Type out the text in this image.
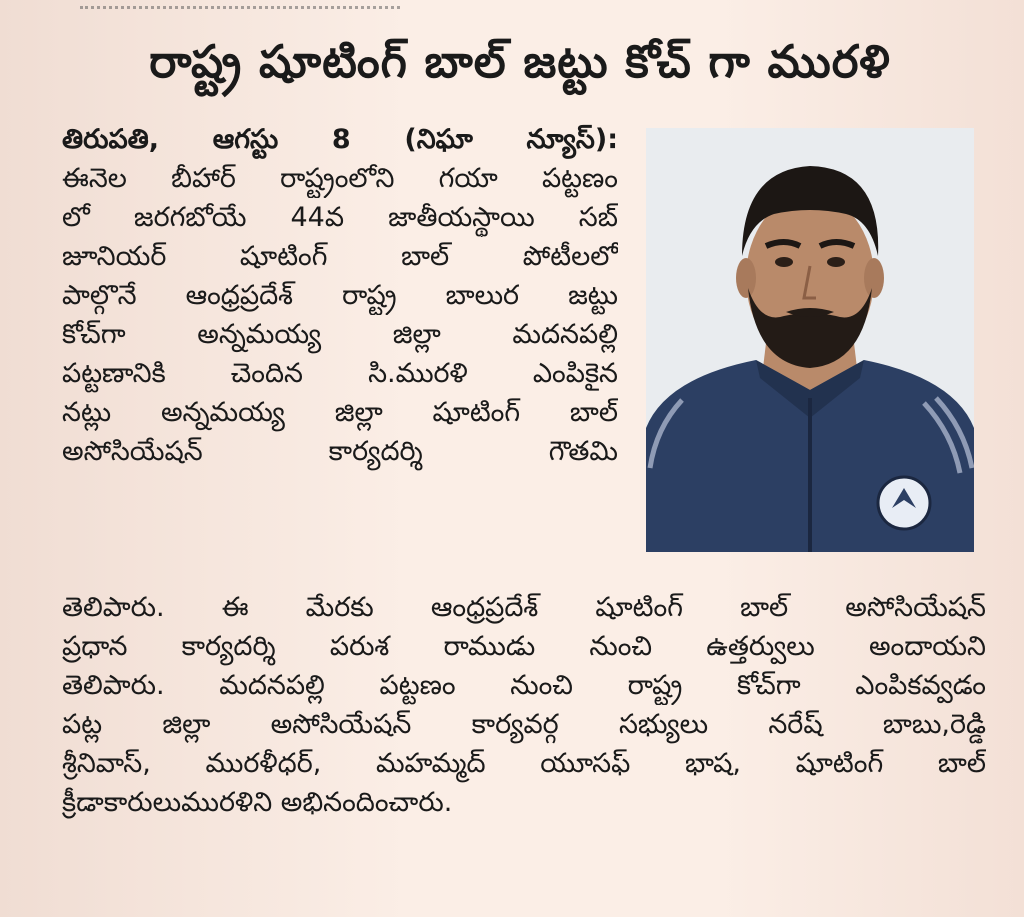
రాష్ట్ర షూటింగ్ బాల్ జట్టు కోచ్ గా మురళి
తిరుపతి, ఆగస్టు 8 (నిఘా న్యూస్):
ఈనెల బీహార్ రాష్ట్రంలోని గయా పట్టణం
లో జరగబోయే 44వ జాతీయస్థాయి సబ్
జూనియర్ షూటింగ్ బాల్ పోటీలలో
పాల్గొనే ఆంధ్రప్రదేశ్ రాష్ట్ర బాలుర జట్టు
కోచ్‌గా అన్నమయ్య జిల్లా మదనపల్లి
పట్టణానికి చెందిన సి.మురళి ఎంపికైన
నట్లు అన్నమయ్య జిల్లా షూటింగ్ బాల్
అసోసియేషన్ కార్యదర్శి గౌతమి
తెలిపారు. ఈ మేరకు ఆంధ్రప్రదేశ్ షూటింగ్ బాల్ అసోసియేషన్
ప్రధాన కార్యదర్శి పరుశ రాముడు నుంచి ఉత్తర్వులు అందాయని
తెలిపారు. మదనపల్లి పట్టణం నుంచి రాష్ట్ర కోచ్‌గా ఎంపికవ్వడం
పట్ల జిల్లా అసోసియేషన్ కార్యవర్గ సభ్యులు నరేష్ బాబు,రెడ్డి
శ్రీనివాస్, మురళీధర్, మహమ్మద్ యూసఫ్ భాష, షూటింగ్ బాల్
క్రీడాకారులుమురళిని అభినందించారు.
